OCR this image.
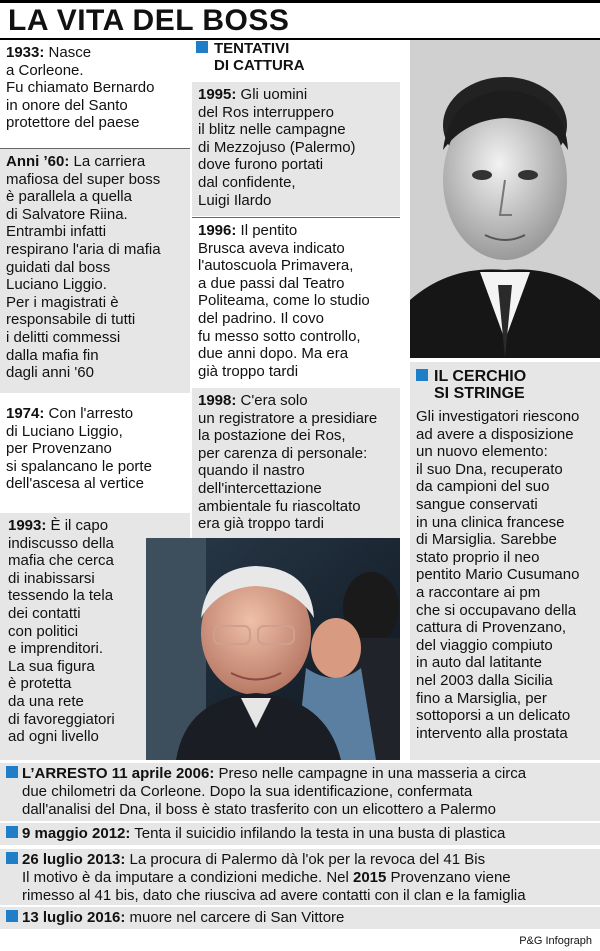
LA VITA DEL BOSS
1933: Nasce
a Corleone.
Fu chiamato Bernardo
in onore del Santo
protettore del paese
Anni ’60: La carriera
mafiosa del super boss
è parallela a quella
di Salvatore Riina.
Entrambi infatti
respirano l'aria di mafia
guidati dal boss
Luciano Liggio.
Per i magistrati è
responsabile di tutti
i delitti commessi
dalla mafia fin
dagli anni '60
1974: Con l'arresto
di Luciano Liggio,
per Provenzano
si spalancano le porte
dell'ascesa al vertice
1993: È il capo
indiscusso della
mafia che cerca
di inabissarsi
tessendo la tela
dei contatti
con politici
e imprenditori.
La sua figura
è protetta
da una rete
di favoreggiatori
ad ogni livello
TENTATIVI
DI CATTURA
1995: Gli uomini
del Ros interruppero
il blitz nelle campagne
di Mezzojuso (Palermo)
dove furono portati
dal confidente,
Luigi Ilardo
1996: Il pentito
Brusca aveva indicato
l'autoscuola Primavera,
a due passi dal Teatro
Politeama, come lo studio
del padrino. Il covo
fu messo sotto controllo,
due anni dopo. Ma era
già troppo tardi
1998: C'era solo
un registratore a presidiare
la postazione dei Ros,
per carenza di personale:
quando il nastro
dell'intercettazione
ambientale fu riascoltato
era già troppo tardi
IL CERCHIO
SI STRINGE
Gli investigatori riescono
ad avere a disposizione
un nuovo elemento:
il suo Dna, recuperato
da campioni del suo
sangue conservati
in una clinica francese
di Marsiglia. Sarebbe
stato proprio il neo
pentito Mario Cusumano
a raccontare ai pm
che si occupavano della
cattura di Provenzano,
del viaggio compiuto
in auto dal latitante
nel 2003 dalla Sicilia
fino a Marsiglia, per
sottoporsi a un delicato
intervento alla prostata
L’ARRESTO 11 aprile 2006: Preso nelle campagne in una masseria a circa
due chilometri da Corleone. Dopo la sua identificazione, confermata
dall'analisi del Dna, il boss è stato trasferito con un elicottero a Palermo
9 maggio 2012: Tenta il suicidio infilando la testa in una busta di plastica
26 luglio 2013: La procura di Palermo dà l'ok per la revoca del 41 Bis
Il motivo è da imputare a condizioni mediche. Nel 2015 Provenzano viene
rimesso al 41 bis, dato che riusciva ad avere contatti con il clan e la famiglia
13 luglio 2016: muore nel carcere di San Vittore
P&G Infograph
